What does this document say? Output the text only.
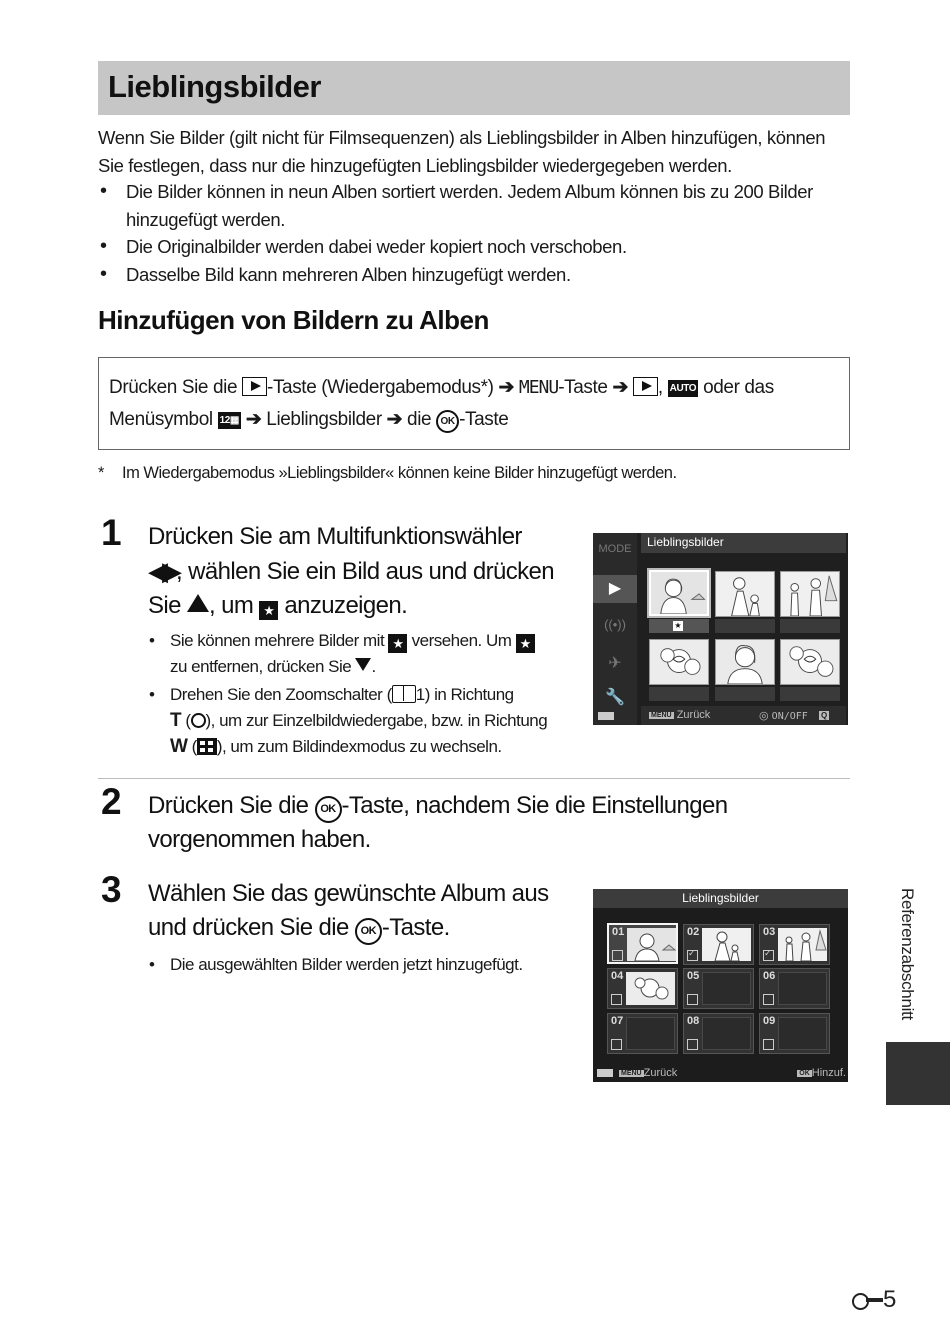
Lieblingsbilder

Wenn Sie Bilder (gilt nicht für Filmsequenzen) als Lieblingsbilder in Alben hinzufügen, können Sie festlegen, dass nur die hinzugefügten Lieblingsbilder wiedergegeben werden.

• Die Bilder können in neun Alben sortiert werden. Jedem Album können bis zu 200 Bilder hinzugefügt werden.
• Die Originalbilder werden dabei weder kopiert noch verschoben.
• Dasselbe Bild kann mehreren Alben hinzugefügt werden.
Hinzufügen von Bildern zu Alben
Drücken Sie die -Taste (Wiedergabemodus*) ➔ MENU-Taste ➔ , AUTO oder das
Menüsymbol 12▦ ➔ Lieblingsbilder ➔ die OK -Taste

* Im Wiedergabemodus »Lieblingsbilder« können keine Bilder hinzugefügt werden.

1 Drücken Sie am Multifunktionswähler
◀▶, wählen Sie ein Bild aus und drücken
Sie , um ★ anzuzeigen.
• Sie können mehrere Bilder mit ★ versehen. Um ★
zu entfernen, drücken Sie .
• Drehen Sie den Zoomschalter ( 1) in Richtung
T ( ), um zur Einzelbildwiedergabe, bzw. in Richtung
W ( ), um zum Bildindexmodus zu wechseln.
MODE
▶
((•))
✈
🔧
Lieblingsbilder
★
MENU Zurück	◎ ON/OFF Q
2 Drücken Sie die OK -Taste, nachdem Sie die Einstellungen vorgenommen haben.
3 Wählen Sie das gewünschte Album aus
und drücken Sie die OK -Taste.
• Die ausgewählten Bilder werden jetzt hinzugefügt.
Lieblingsbilder
01	02
✓
03
✓
04	05	06
07	08	09
MENU Zurück	OK Hinzuf.
Referenzabschnitt
5
